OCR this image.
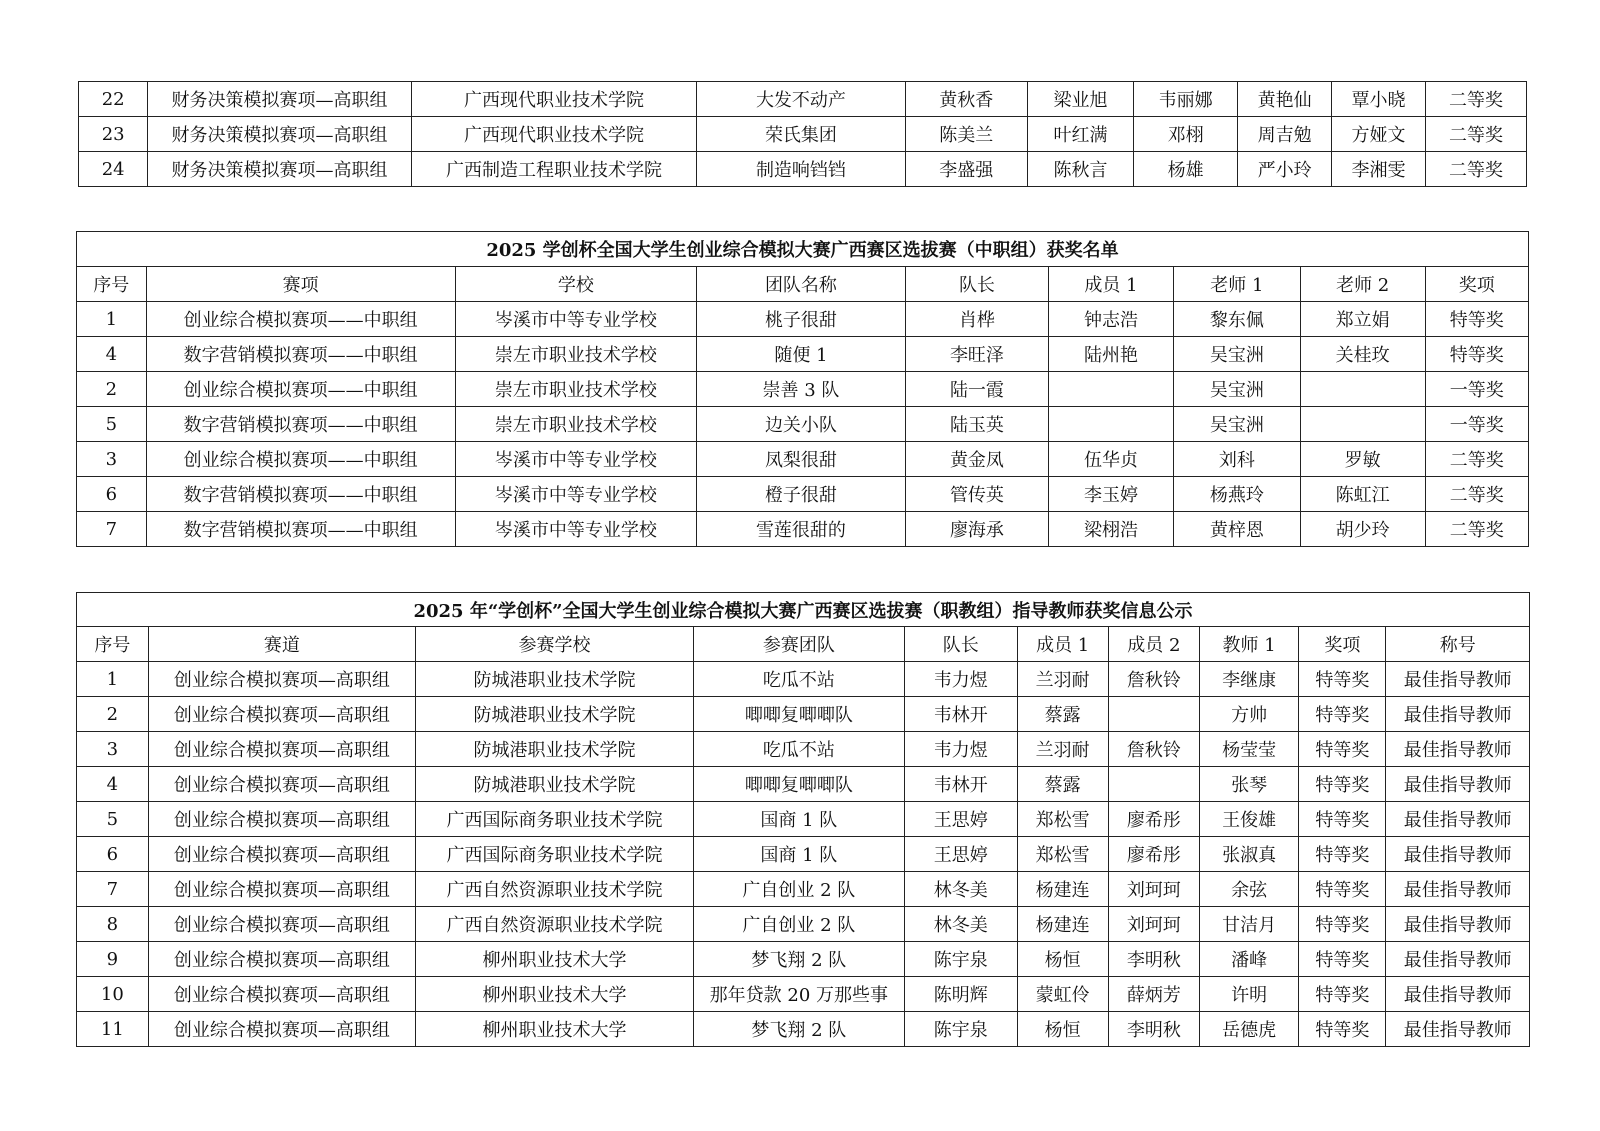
22	财务决策模拟赛项—高职组	广西现代职业技术学院	大发不动产	黄秋香	梁业旭	韦丽娜	黄艳仙	覃小晓	二等奖
23	财务决策模拟赛项—高职组	广西现代职业技术学院	荣氏集团	陈美兰	叶红满	邓栩	周吉勉	方娅文	二等奖
24	财务决策模拟赛项—高职组	广西制造工程职业技术学院	制造响铛铛	李盛强	陈秋言	杨雄	严小玲	李湘雯	二等奖
2025 学创杯全国大学生创业综合模拟大赛广西赛区选拔赛（中职组）获奖名单								
序号	赛项	学校	团队名称	队长	成员 1	老师 1	老师 2	奖项
1	创业综合模拟赛项——中职组	岑溪市中等专业学校	桃子很甜	肖桦	钟志浩	黎东佩	郑立娟	特等奖
4	数字营销模拟赛项——中职组	崇左市职业技术学校	随便 1	李旺泽	陆州艳	吴宝洲	关桂玫	特等奖
2	创业综合模拟赛项——中职组	崇左市职业技术学校	崇善 3 队	陆一霞		吴宝洲		一等奖
5	数字营销模拟赛项——中职组	崇左市职业技术学校	边关小队	陆玉英		吴宝洲		一等奖
3	创业综合模拟赛项——中职组	岑溪市中等专业学校	凤梨很甜	黄金凤	伍华贞	刘科	罗敏	二等奖
6	数字营销模拟赛项——中职组	岑溪市中等专业学校	橙子很甜	管传英	李玉婷	杨燕玲	陈虹江	二等奖
7	数字营销模拟赛项——中职组	岑溪市中等专业学校	雪莲很甜的	廖海承	梁栩浩	黄梓恩	胡少玲	二等奖
2025 年“学创杯”全国大学生创业综合模拟大赛广西赛区选拔赛（职教组）指导教师获奖信息公示									
序号	赛道	参赛学校	参赛团队	队长	成员 1	成员 2	教师 1	奖项	称号
1	创业综合模拟赛项—高职组	防城港职业技术学院	吃瓜不站	韦力煜	兰羽耐	詹秋铃	李继康	特等奖	最佳指导教师
2	创业综合模拟赛项—高职组	防城港职业技术学院	唧唧复唧唧队	韦林开	蔡露		方帅	特等奖	最佳指导教师
3	创业综合模拟赛项—高职组	防城港职业技术学院	吃瓜不站	韦力煜	兰羽耐	詹秋铃	杨莹莹	特等奖	最佳指导教师
4	创业综合模拟赛项—高职组	防城港职业技术学院	唧唧复唧唧队	韦林开	蔡露		张琴	特等奖	最佳指导教师
5	创业综合模拟赛项—高职组	广西国际商务职业技术学院	国商 1 队	王思婷	郑松雪	廖希彤	王俊雄	特等奖	最佳指导教师
6	创业综合模拟赛项—高职组	广西国际商务职业技术学院	国商 1 队	王思婷	郑松雪	廖希彤	张淑真	特等奖	最佳指导教师
7	创业综合模拟赛项—高职组	广西自然资源职业技术学院	广自创业 2 队	林冬美	杨建连	刘珂珂	余弦	特等奖	最佳指导教师
8	创业综合模拟赛项—高职组	广西自然资源职业技术学院	广自创业 2 队	林冬美	杨建连	刘珂珂	甘洁月	特等奖	最佳指导教师
9	创业综合模拟赛项—高职组	柳州职业技术大学	梦飞翔 2 队	陈宇泉	杨恒	李明秋	潘峰	特等奖	最佳指导教师
10	创业综合模拟赛项—高职组	柳州职业技术大学	那年贷款 20 万那些事	陈明辉	蒙虹伶	薛炳芳	许明	特等奖	最佳指导教师
11	创业综合模拟赛项—高职组	柳州职业技术大学	梦飞翔 2 队	陈宇泉	杨恒	李明秋	岳德虎	特等奖	最佳指导教师
